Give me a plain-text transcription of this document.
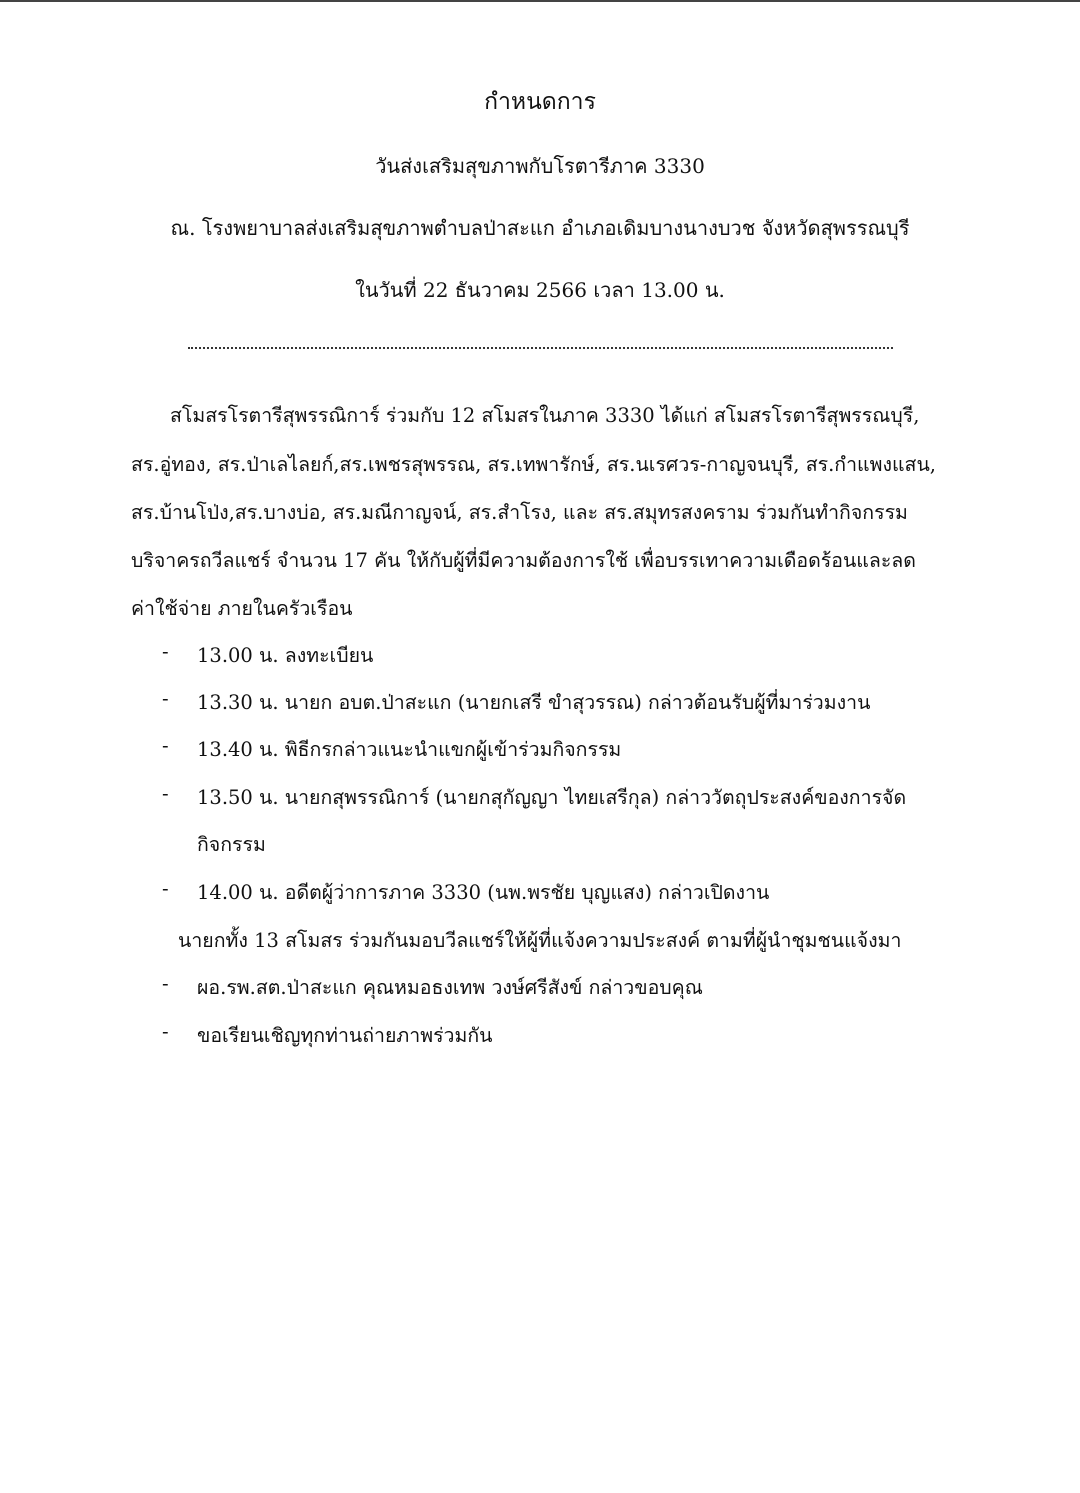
กำหนดการ
วันส่งเสริมสุขภาพกับโรตารีภาค 3330
ณ. โรงพยาบาลส่งเสริมสุขภาพตำบลป่าสะแก อำเภอเดิมบางนางบวช จังหวัดสุพรรณบุรี
ในวันที่ 22 ธันวาคม 2566 เวลา 13.00 น.
สโมสรโรตารีสุพรรณิการ์ ร่วมกับ 12 สโมสรในภาค 3330 ได้แก่ สโมสรโรตารีสุพรรณบุรี,
สร.อู่ทอง, สร.ป่าเลไลยก์,สร.เพชรสุพรรณ, สร.เทพารักษ์, สร.นเรศวร-กาญจนบุรี, สร.กำแพงแสน,
สร.บ้านโป่ง,สร.บางบ่อ, สร.มณีกาญจน์, สร.สำโรง, และ สร.สมุทรสงคราม ร่วมกันทำกิจกรรม
บริจาครถวีลแชร์ จำนวน 17 คัน ให้กับผู้ที่มีความต้องการใช้ เพื่อบรรเทาความเดือดร้อนและลด
ค่าใช้จ่าย ภายในครัวเรือน
- 13.00 น. ลงทะเบียน
- 13.30 น. นายก อบต.ป่าสะแก (นายกเสรี ขำสุวรรณ) กล่าวต้อนรับผู้ที่มาร่วมงาน
- 13.40 น. พิธีกรกล่าวแนะนำแขกผู้เข้าร่วมกิจกรรม
- 13.50 น. นายกสุพรรณิการ์ (นายกสุกัญญา ไทยเสรีกุล) กล่าววัตถุประสงค์ของการจัด
กิจกรรม
- 14.00 น. อดีตผู้ว่าการภาค 3330 (นพ.พรชัย บุญแสง) กล่าวเปิดงาน
นายกทั้ง 13 สโมสร ร่วมกันมอบวีลแชร์ให้ผู้ที่แจ้งความประสงค์ ตามที่ผู้นำชุมชนแจ้งมา
- ผอ.รพ.สต.ป่าสะแก คุณหมอธงเทพ วงษ์ศรีสังข์ กล่าวขอบคุณ
- ขอเรียนเชิญทุกท่านถ่ายภาพร่วมกัน
